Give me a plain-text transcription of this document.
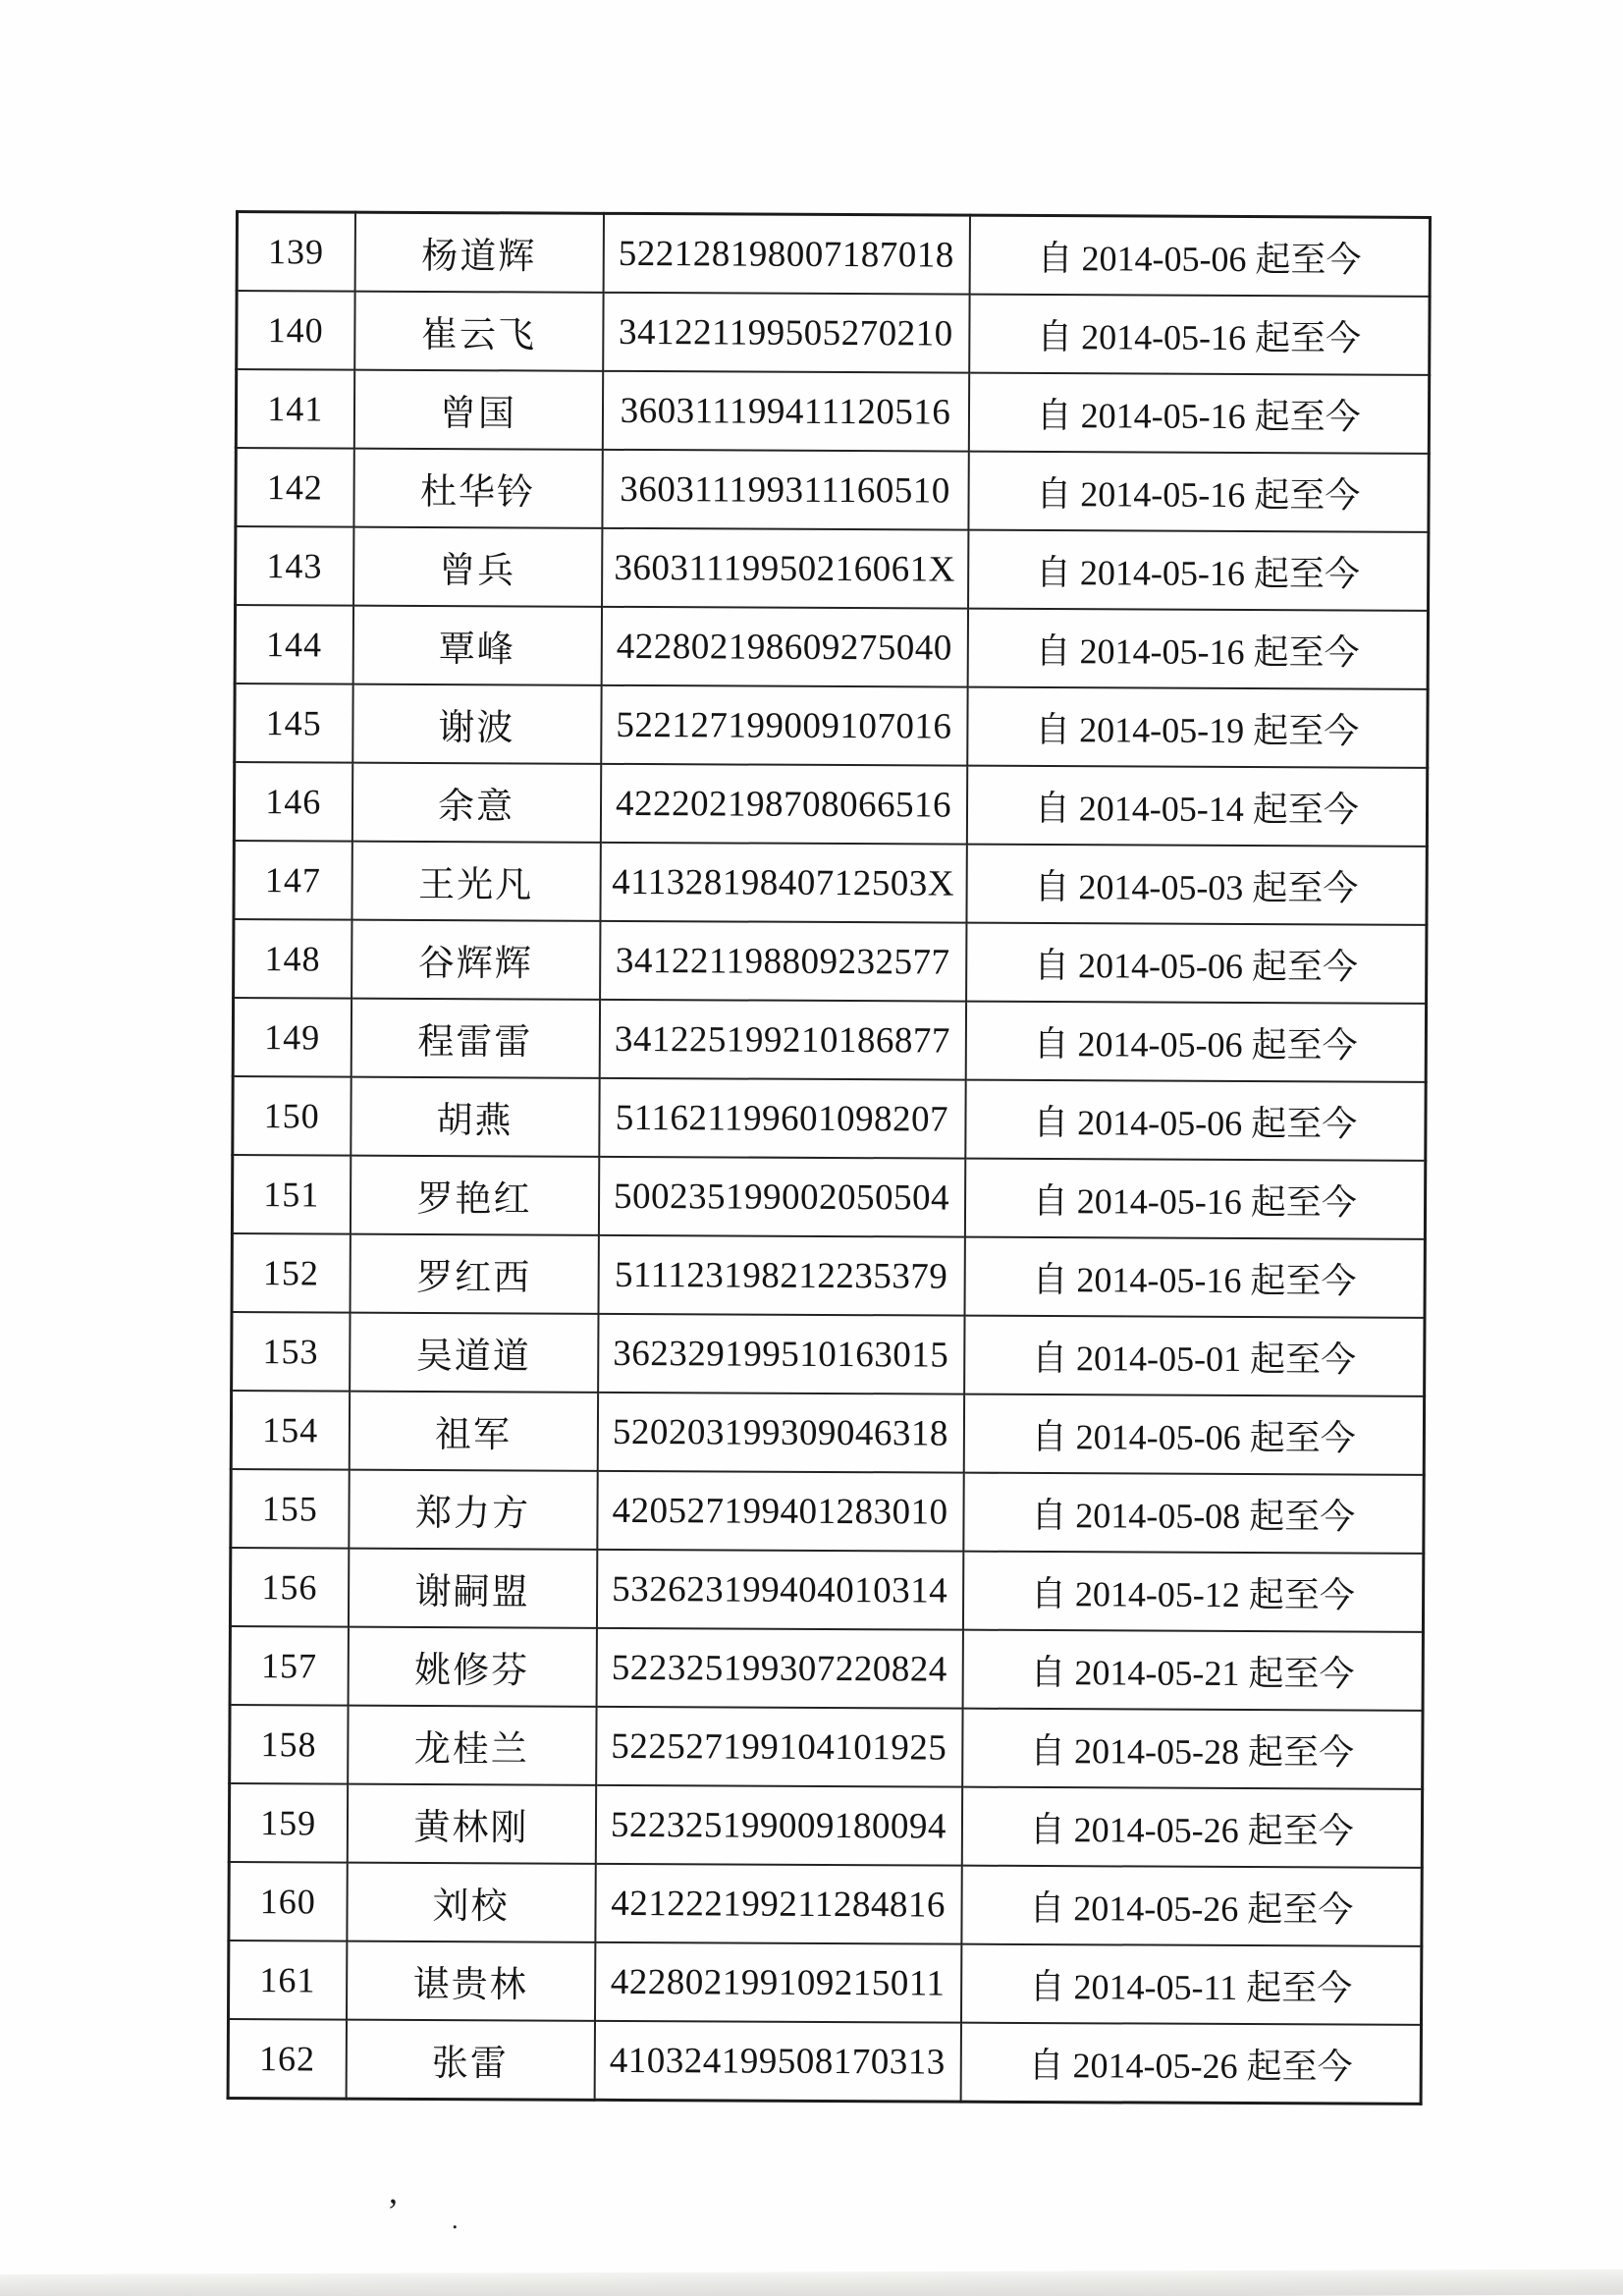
139	杨道辉	522128198007187018	自 2014-05-06 起至今
140	崔云飞	341221199505270210	自 2014-05-16 起至今
141	曾国	360311199411120516	自 2014-05-16 起至今
142	杜华钤	360311199311160510	自 2014-05-16 起至今
143	曾兵	36031119950216061X	自 2014-05-16 起至今
144	覃峰	422802198609275040	自 2014-05-16 起至今
145	谢波	522127199009107016	自 2014-05-19 起至今
146	余意	422202198708066516	自 2014-05-14 起至今
147	王光凡	41132819840712503X	自 2014-05-03 起至今
148	谷辉辉	341221198809232577	自 2014-05-06 起至今
149	程雷雷	341225199210186877	自 2014-05-06 起至今
150	胡燕	511621199601098207	自 2014-05-06 起至今
151	罗艳红	500235199002050504	自 2014-05-16 起至今
152	罗红西	511123198212235379	自 2014-05-16 起至今
153	吴道道	362329199510163015	自 2014-05-01 起至今
154	祖军	520203199309046318	自 2014-05-06 起至今
155	郑力方	420527199401283010	自 2014-05-08 起至今
156	谢嗣盟	532623199404010314	自 2014-05-12 起至今
157	姚修芬	522325199307220824	自 2014-05-21 起至今
158	龙桂兰	522527199104101925	自 2014-05-28 起至今
159	黄林刚	522325199009180094	自 2014-05-26 起至今
160	刘校	421222199211284816	自 2014-05-26 起至今
161	谌贵林	422802199109215011	自 2014-05-11 起至今
162	张雷	410324199508170313	自 2014-05-26 起至今
,
.
